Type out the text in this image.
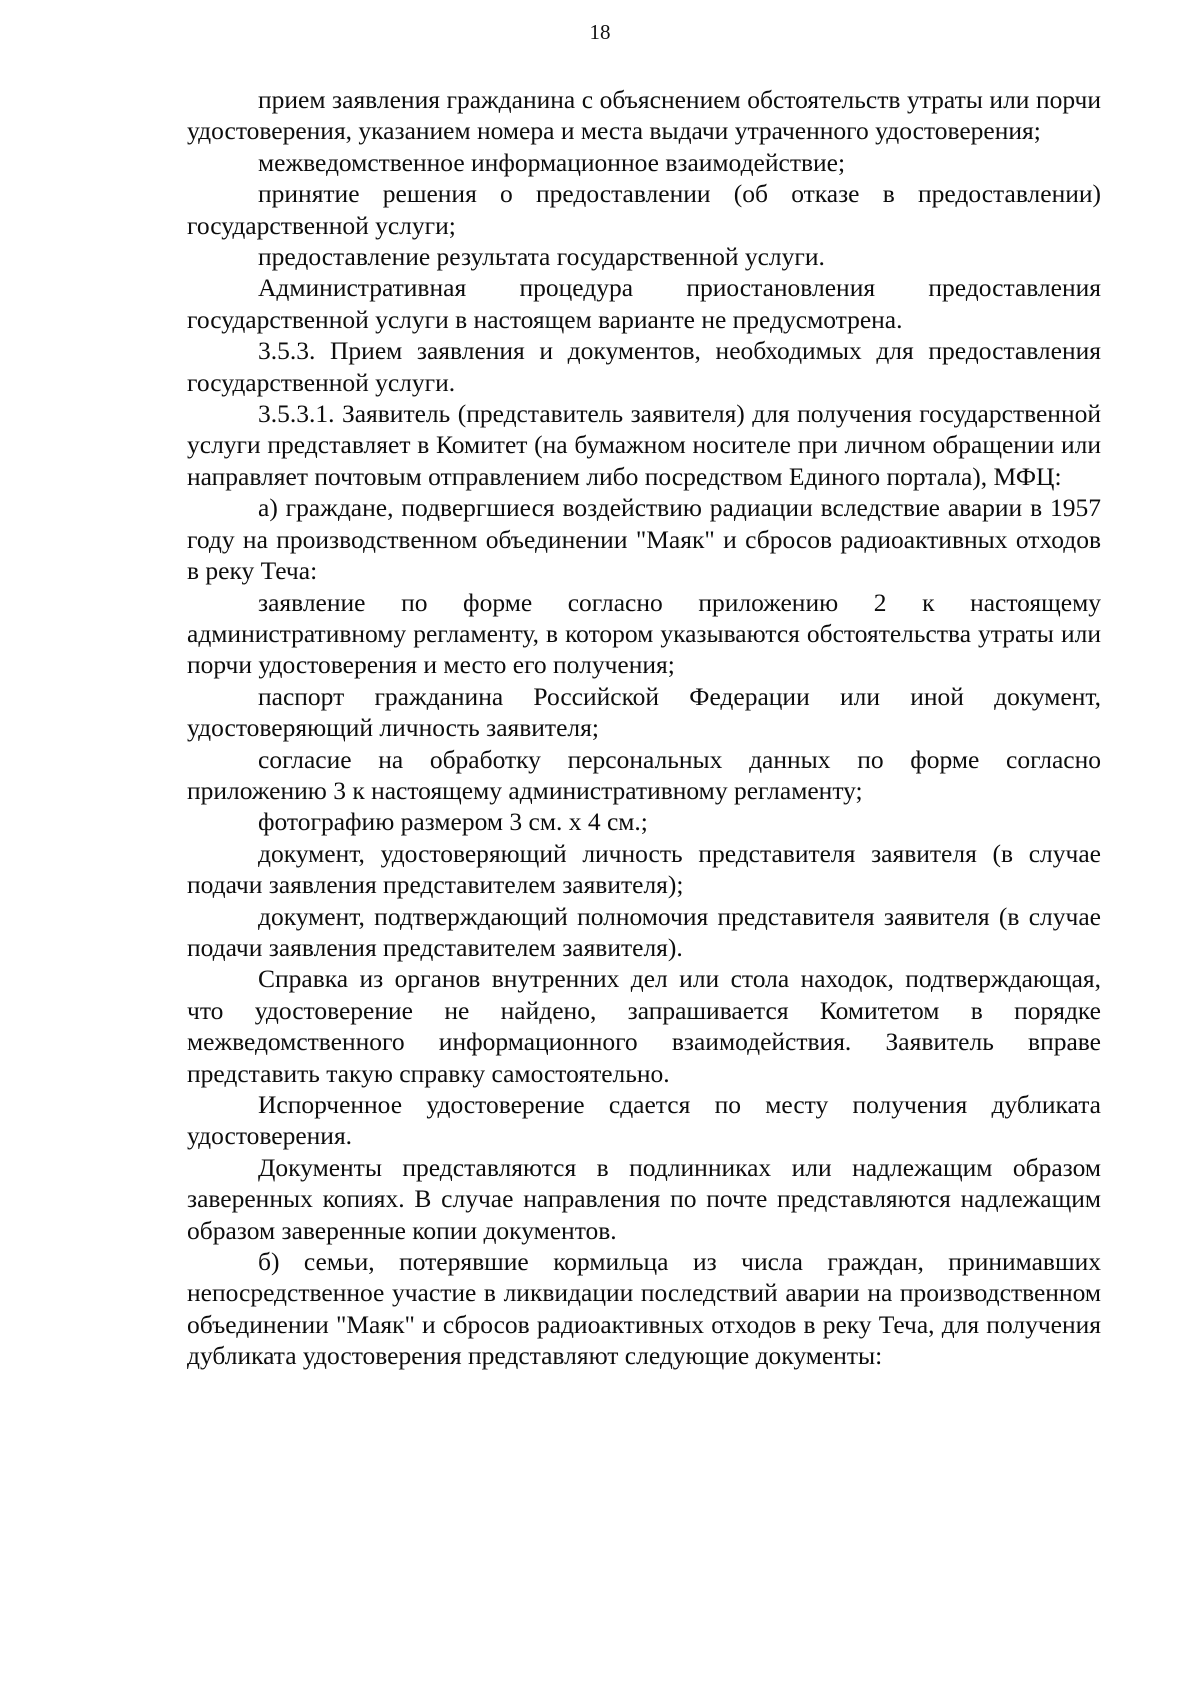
18

прием заявления гражданина с объяснением обстоятельств утраты или порчи удостоверения, указанием номера и места выдачи утраченного удостоверения;

межведомственное информационное взаимодействие;

принятие решения о предоставлении (об отказе в предоставлении) государственной услуги;

предоставление результата государственной услуги.

Административная процедура приостановления предоставления государственной услуги в настоящем варианте не предусмотрена.

3.5.3. Прием заявления и документов, необходимых для предоставления государственной услуги.

3.5.3.1. Заявитель (представитель заявителя) для получения государственной услуги представляет в Комитет (на бумажном носителе при личном обращении или направляет почтовым отправлением либо посредством Единого портала), МФЦ:

а) граждане, подвергшиеся воздействию радиации вследствие аварии в 1957 году на производственном объединении "Маяк" и сбросов радиоактивных отходов в реку Теча:

заявление по форме согласно приложению 2 к настоящему административному регламенту, в котором указываются обстоятельства утраты или порчи удостоверения и место его получения;

паспорт гражданина Российской Федерации или иной документ, удостоверяющий личность заявителя;

согласие на обработку персональных данных по форме согласно приложению 3 к настоящему административному регламенту;

фотографию размером 3 см. х 4 см.;

документ, удостоверяющий личность представителя заявителя (в случае подачи заявления представителем заявителя);

документ, подтверждающий полномочия представителя заявителя (в случае подачи заявления представителем заявителя).

Справка из органов внутренних дел или стола находок, подтверждающая, что удостоверение не найдено, запрашивается Комитетом в порядке межведомственного информационного взаимодействия. Заявитель вправе представить такую справку самостоятельно.

Испорченное удостоверение сдается по месту получения дубликата удостоверения.

Документы представляются в подлинниках или надлежащим образом заверенных копиях. В случае направления по почте представляются надлежащим образом заверенные копии документов.

б) семьи, потерявшие кормильца из числа граждан, принимавших непосредственное участие в ликвидации последствий аварии на производственном объединении "Маяк" и сбросов радиоактивных отходов в реку Теча, для получения дубликата удостоверения представляют следующие документы:
